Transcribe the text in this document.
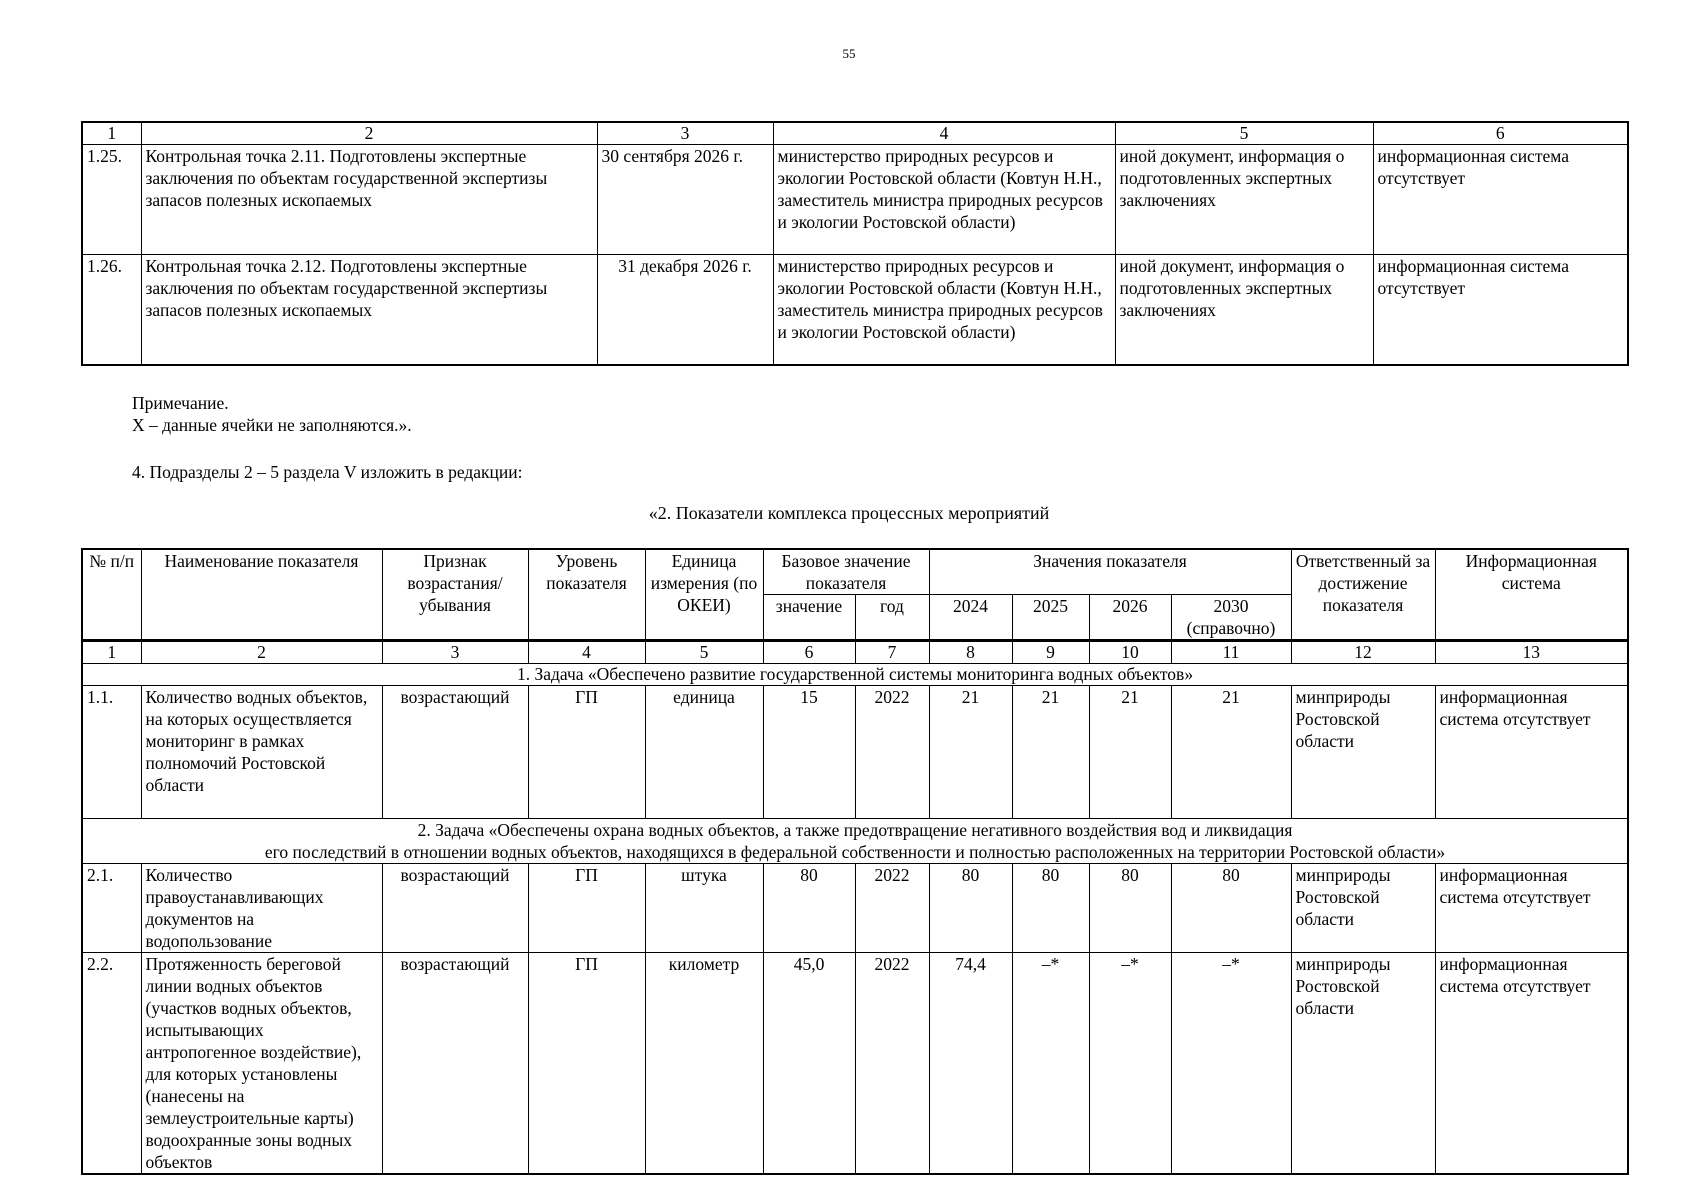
55
1	2	3	4	5	6
1.25.	Контрольная точка 2.11. Подготовлены экспертные заключения по объектам государственной экспертизы запасов полезных ископаемых	30 сентября 2026 г.	министерство природных ресурсов и экологии Ростовской области (Ковтун Н.Н., заместитель министра природных ресурсов и экологии Ростовской области)	иной документ, информация о подготовленных экспертных заключениях	информационная система отсутствует
1.26.	Контрольная точка 2.12. Подготовлены экспертные заключения по объектам государственной экспертизы запасов полезных ископаемых	31 декабря 2026 г.	министерство природных ресурсов и экологии Ростовской области (Ковтун Н.Н., заместитель министра природных ресурсов и экологии Ростовской области)	иной документ, информация о подготовленных экспертных заключениях	информационная система отсутствует
Примечание.
Х – данные ячейки не заполняются.».
4. Подразделы 2 – 5 раздела V изложить в редакции:
«2. Показатели комплекса процессных мероприятий
№ п/п	Наименование показателя	Признак возрастания/ убывания	Уровень показателя	Единица измерения (по ОКЕИ)	Базовое значение показателя		Значения показателя				Ответственный за достижение показателя	Информационная система
					значение	год	2024	2025	2026	2030 (справочно)		
1	2	3	4	5	6	7	8	9	10	11	12	13
1. Задача «Обеспечено развитие государственной системы мониторинга водных объектов»												
1.1.	Количество водных объектов, на которых осуществляется мониторинг в рамках полномочий Ростовской области	возрастающий	ГП	единица	15	2022	21	21	21	21	минприроды Ростовской области	информационная система отсутствует

2. Задача «Обеспечены охрана водных объектов, а также предотвращение негативного воздействия вод и ликвидация
его последствий в отношении водных объектов, находящихся в федеральной собственности и полностью расположенных на территории Ростовской области»												

2.1.	Количество правоустанавливающих документов на водопользование	возрастающий	ГП	штука	80	2022	80	80	80	80	минприроды Ростовской области	информационная система отсутствует
2.2.	Протяженность береговой линии водных объектов (участков водных объектов, испытывающих антропогенное воздействие), для которых установлены (нанесены на землеустроительные карты) водоохранные зоны водных объектов	возрастающий	ГП	километр	45,0	2022	74,4	–*	–*	–*	минприроды Ростовской области	информационная система отсутствует
